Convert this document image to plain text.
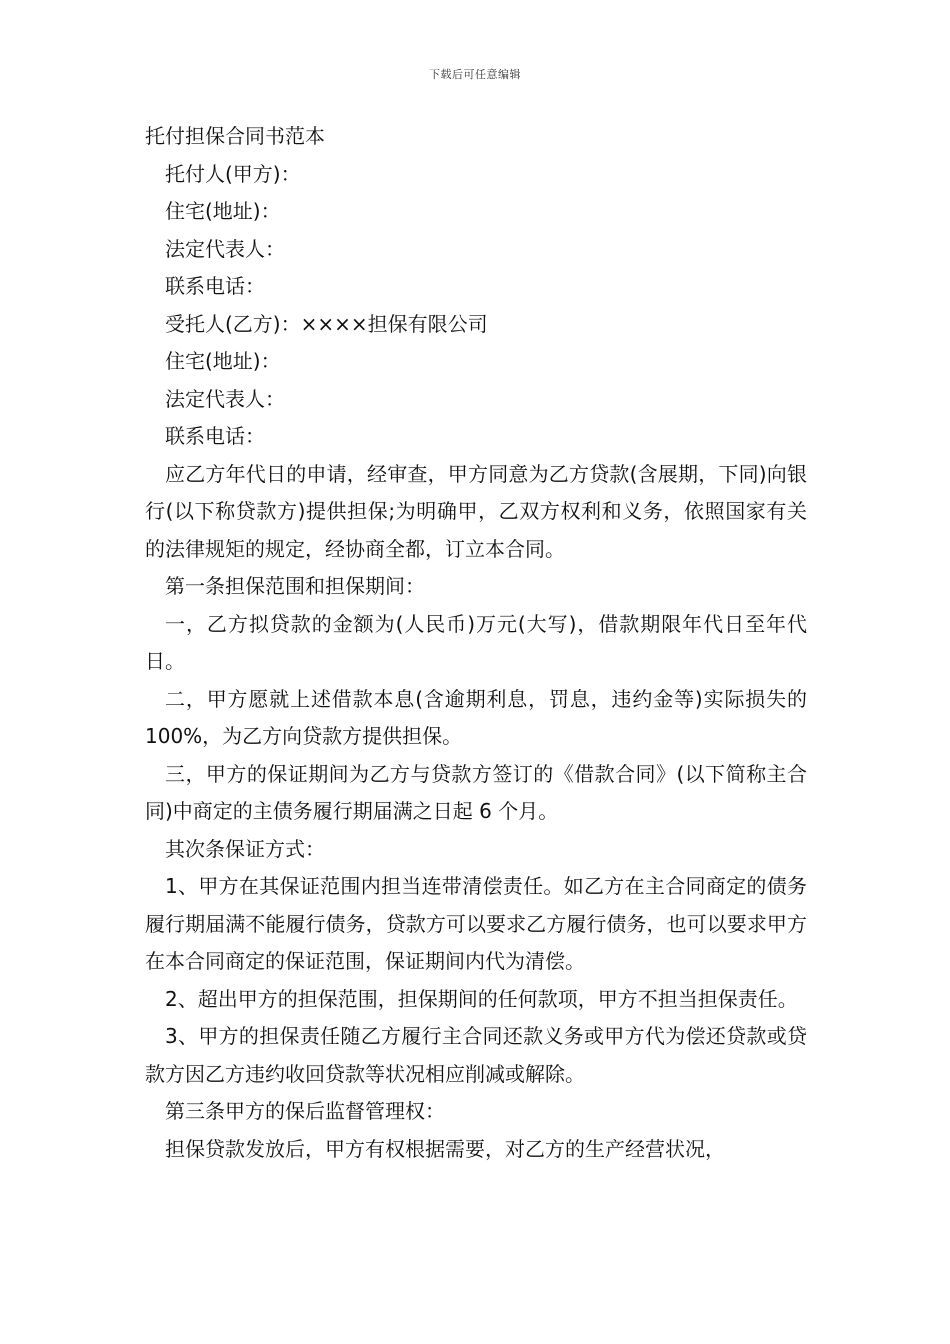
下载后可任意编辑
托付担保合同书范本
托付人(甲方)：
住宅(地址)：
法定代表人：
联系电话：
受托人(乙方)：××××担保有限公司
住宅(地址)：
法定代表人：
联系电话：
应乙方年代日的申请，经审查，甲方同意为乙方贷款(含展期，下同)向银行(以下称贷款方)提供担保;为明确甲，乙双方权利和义务，依照国家有关的法律规矩的规定，经协商全都，订立本合同。
第一条担保范围和担保期间：
一，乙方拟贷款的金额为(人民币)万元(大写)，借款期限年代日至年代日。
二，甲方愿就上述借款本息(含逾期利息，罚息，违约金等)实际损失的 100%，为乙方向贷款方提供担保。
三，甲方的保证期间为乙方与贷款方签订的《借款合同》(以下简称主合同)中商定的主债务履行期届满之日起 6 个月。
其次条保证方式：
1、甲方在其保证范围内担当连带清偿责任。如乙方在主合同商定的债务履行期届满不能履行债务，贷款方可以要求乙方履行债务，也可以要求甲方在本合同商定的保证范围，保证期间内代为清偿。
2、超出甲方的担保范围，担保期间的任何款项，甲方不担当担保责任。
3、甲方的担保责任随乙方履行主合同还款义务或甲方代为偿还贷款或贷款方因乙方违约收回贷款等状况相应削减或解除。
第三条甲方的保后监督管理权：
担保贷款发放后，甲方有权根据需要，对乙方的生产经营状况，
